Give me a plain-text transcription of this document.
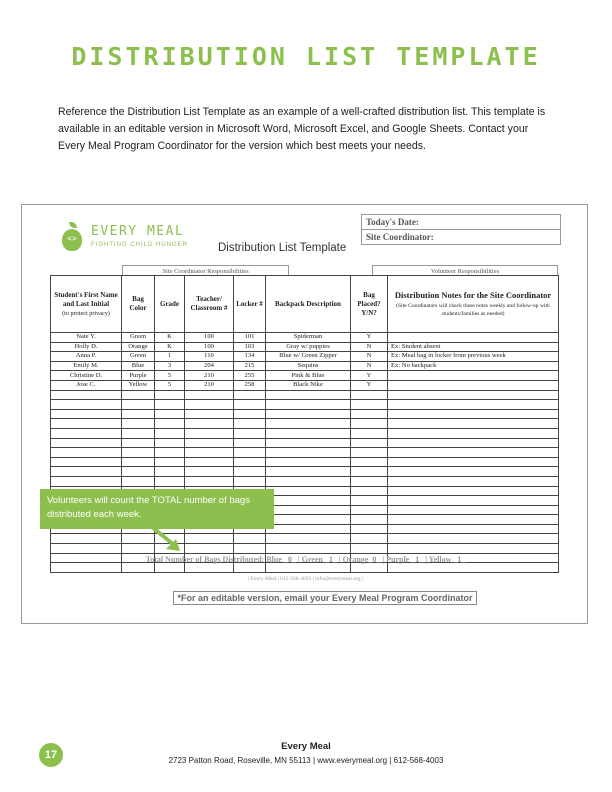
DISTRIBUTION LIST TEMPLATE
Reference the Distribution List Template as an example of a well-crafted distribution list. This template is available in an editable version in Microsoft Word, Microsoft Excel, and Google Sheets. Contact your Every Meal Program Coordinator for the version which best meets your needs.
<>	EVERY MEAL
FIGHTING CHILD HUNGER	Distribution List Template
Today's Date:
Site Coordinator:
Site Coordinator Responsibilities	Volunteer Responsibilities
Student's First Name and Last Initial
(to protect privacy)	Bag Color	Grade	Teacher/ Classroom #	Locker #	Backpack Description	Bag Placed? Y/N?	Distribution Notes for the Site Coordinator
(Site Coordinators will check these notes weekly and follow-up with students/families as needed)

Nate Y.	Green	K	100	101	Spiderman	Y	
Holly D.	Orange	K	100	103	Gray w/ puppies	N	Ex: Student absent
Anna P.	Green	1	110	134	Blue w/ Green Zipper	N	Ex: Meal bag in locker from previous week
Emily M.	Blue	3	204	215	Sequins	N	Ex: No backpack
Christine D.	Purple	5	210	255	Pink & Blue	Y	
Jose C.	Yellow	5	210	258	Black Nike	Y	

Total Number of Bags Distributed: Blue _0_ | Green _1_ | Orange_0_ | Purple _1_ | Yellow _1_
| Every Meal | 612-568-4003 | info@everymeal.org |
*For an editable version, email your Every Meal Program Coordinator
Volunteers will count the TOTAL number of bags distributed each week.
17
Every Meal
2723 Patton Road, Roseville, MN 55113 | www.everymeal.org | 612-568-4003
